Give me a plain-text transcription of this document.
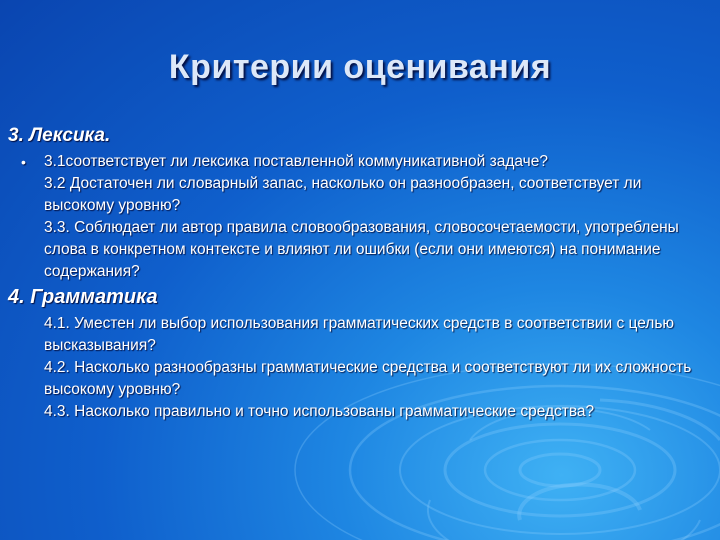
Критерии оценивания
3. Лексика.
• 3.1соответствует ли лексика поставленной коммуникативной задаче?

3.2 Достаточен ли словарный запас, насколько он разнообразен, соответствует ли высокому уровню?

3.3. Соблюдает ли автор правила словообразования, словосочетаемости, употреблены слова в конкретном контексте и влияют ли ошибки (если они имеются) на понимание содержания?

4. Грамматика

4.1. Уместен ли выбор использования грамматических средств в соответствии с целью высказывания?

4.2. Насколько разнообразны грамматические средства и соответствуют ли их сложность высокому уровню?

4.3. Насколько правильно и точно использованы грамматические средства?
